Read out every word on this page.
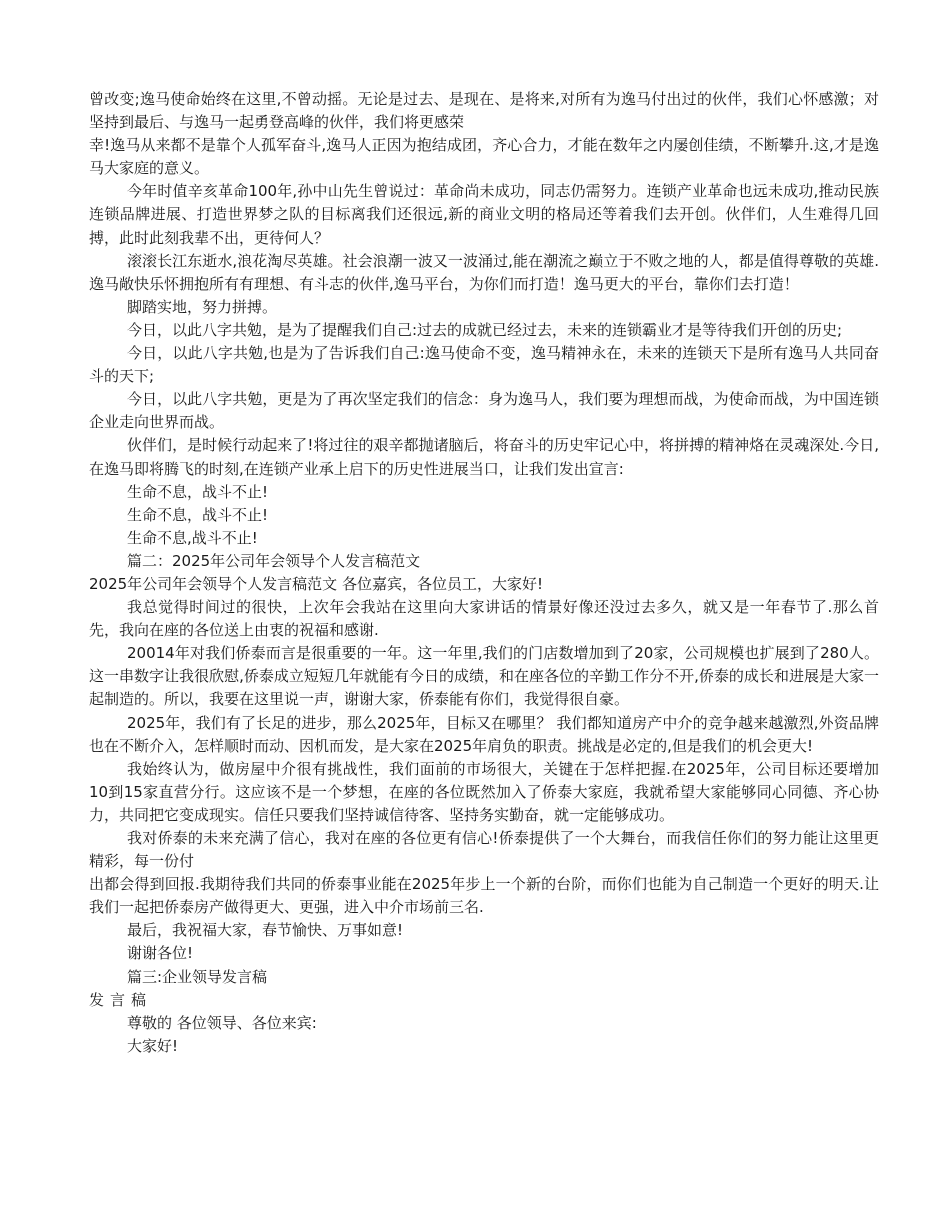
曾改变;逸马使命始终在这里,不曾动摇。无论是过去、是现在、是将来,对所有为逸马付出过的伙伴，我们心怀感激；对坚持到最后、与逸马一起勇登高峰的伙伴，我们将更感荣

幸!逸马从来都不是靠个人孤军奋斗,逸马人正因为抱结成团，齐心合力，才能在数年之内屡创佳绩，不断攀升.这,才是逸马大家庭的意义。

今年时值辛亥革命100年,孙中山先生曾说过：革命尚未成功，同志仍需努力。连锁产业革命也远未成功,推动民族连锁品牌进展、打造世界梦之队的目标离我们还很远,新的商业文明的格局还等着我们去开创。伙伴们，人生难得几回搏，此时此刻我辈不出，更待何人？

滚滚长江东逝水,浪花淘尽英雄。社会浪潮一波又一波涌过,能在潮流之巅立于不败之地的人，都是值得尊敬的英雄.逸马敞快乐怀拥抱所有有理想、有斗志的伙伴,逸马平台，为你们而打造！逸马更大的平台，靠你们去打造！

脚踏实地，努力拼搏。

今日，以此八字共勉，是为了提醒我们自己:过去的成就已经过去，未来的连锁霸业才是等待我们开创的历史;

今日，以此八字共勉,也是为了告诉我们自己:逸马使命不变，逸马精神永在，未来的连锁天下是所有逸马人共同奋斗的天下;

今日，以此八字共勉，更是为了再次坚定我们的信念：身为逸马人，我们要为理想而战，为使命而战，为中国连锁企业走向世界而战。

伙伴们，是时候行动起来了!将过往的艰辛都抛诸脑后，将奋斗的历史牢记心中，将拼搏的精神烙在灵魂深处.今日,在逸马即将腾飞的时刻,在连锁产业承上启下的历史性进展当口，让我们发出宣言:

生命不息，战斗不止!

生命不息，战斗不止!

生命不息,战斗不止!

篇二：2025年公司年会领导个人发言稿范文

2025年公司年会领导个人发言稿范文 各位嘉宾，各位员工，大家好!

我总觉得时间过的很快，上次年会我站在这里向大家讲话的情景好像还没过去多久，就又是一年春节了.那么首先，我向在座的各位送上由衷的祝福和感谢.

20014年对我们侨泰而言是很重要的一年。这一年里,我们的门店数增加到了20家，公司规模也扩展到了280人。这一串数字让我很欣慰,侨泰成立短短几年就能有今日的成绩，和在座各位的辛勤工作分不开,侨泰的成长和进展是大家一起制造的。所以，我要在这里说一声，谢谢大家，侨泰能有你们，我觉得很自豪。

2025年，我们有了长足的进步，那么2025年，目标又在哪里？ 我们都知道房产中介的竞争越来越激烈,外资品牌也在不断介入，怎样顺时而动、因机而发，是大家在2025年肩负的职责。挑战是必定的,但是我们的机会更大!

我始终认为，做房屋中介很有挑战性，我们面前的市场很大，关键在于怎样把握.在2025年，公司目标还要增加10到15家直营分行。这应该不是一个梦想，在座的各位既然加入了侨泰大家庭，我就希望大家能够同心同德、齐心协力，共同把它变成现实。信任只要我们坚持诚信待客、坚持务实勤奋，就一定能够成功。

我对侨泰的未来充满了信心，我对在座的各位更有信心!侨泰提供了一个大舞台，而我信任你们的努力能让这里更精彩，每一份付

出都会得到回报.我期待我们共同的侨泰事业能在2025年步上一个新的台阶，而你们也能为自己制造一个更好的明天.让我们一起把侨泰房产做得更大、更强，进入中介市场前三名.

最后，我祝福大家，春节愉快、万事如意!

谢谢各位!

篇三:企业领导发言稿

发言稿

尊敬的 各位领导、各位来宾:

大家好!
